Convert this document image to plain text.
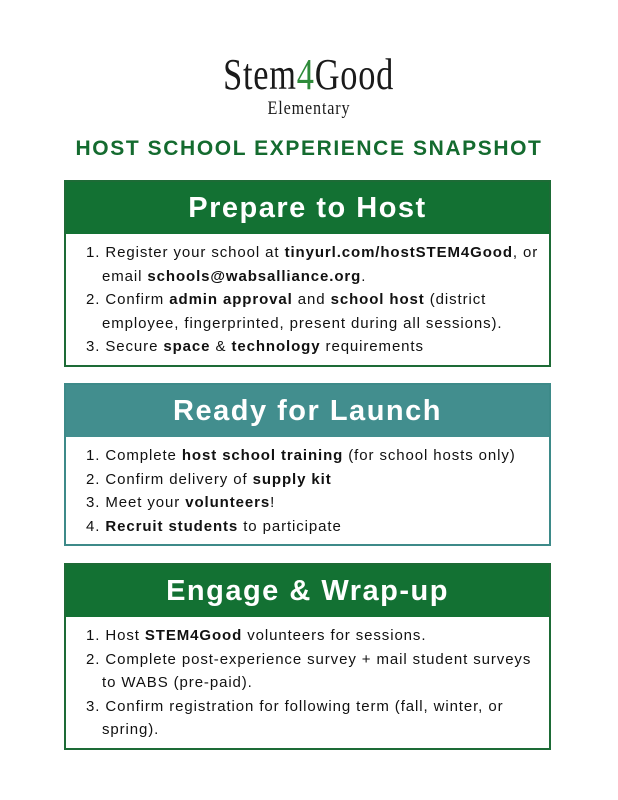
Stem4Good
Elementary
HOST SCHOOL EXPERIENCE SNAPSHOT
Prepare to Host
1. Register your school at tinyurl.com/hostSTEM4Good, or email schools@wabsalliance.org.
2. Confirm admin approval and school host (district employee, fingerprinted, present during all sessions).
3. Secure space & technology requirements
Ready for Launch
1. Complete host school training (for school hosts only)
2. Confirm delivery of supply kit
3. Meet your volunteers!
4. Recruit students to participate
Engage & Wrap-up
1. Host STEM4Good volunteers for sessions.
2. Complete post-experience survey + mail student surveys to WABS (pre-paid).
3. Confirm registration for following term (fall, winter, or spring).
